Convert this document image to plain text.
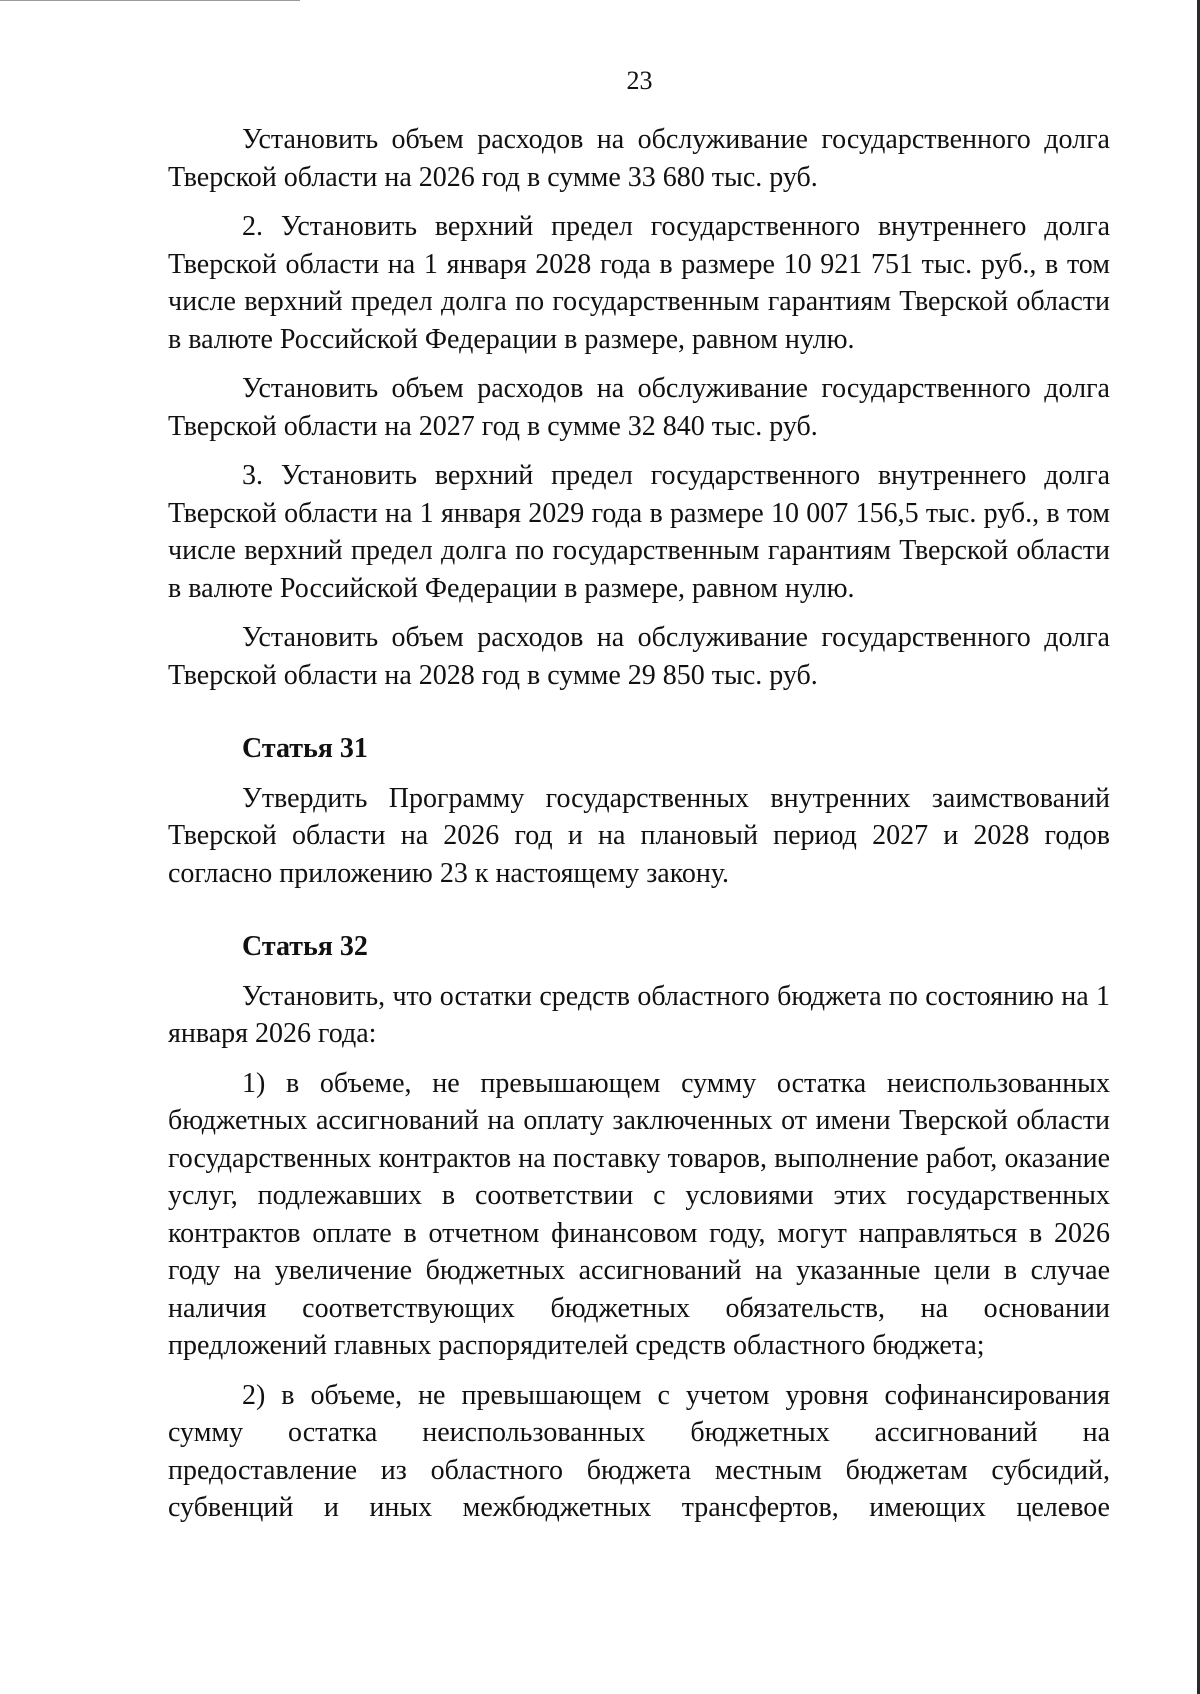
23

Установить объем расходов на обслуживание государственного долга Тверской области на 2026 год в сумме 33 680 тыс. руб.

2. Установить верхний предел государственного внутреннего долга Тверской области на 1 января 2028 года в размере 10 921 751 тыс. руб., в том числе верхний предел долга по государственным гарантиям Тверской области в валюте Российской Федерации в размере, равном нулю.

Установить объем расходов на обслуживание государственного долга Тверской области на 2027 год в сумме 32 840 тыс. руб.

3. Установить верхний предел государственного внутреннего долга Тверской области на 1 января 2029 года в размере 10 007 156,5 тыс. руб., в том числе верхний предел долга по государственным гарантиям Тверской области в валюте Российской Федерации в размере, равном нулю.

Установить объем расходов на обслуживание государственного долга Тверской области на 2028 год в сумме 29 850 тыс. руб.

Статья 31

Утвердить Программу государственных внутренних заимствований Тверской области на 2026 год и на плановый период 2027 и 2028 годов согласно приложению 23 к настоящему закону.

Статья 32

Установить, что остатки средств областного бюджета по состоянию на 1 января 2026 года:

1) в объеме, не превышающем сумму остатка неиспользованных бюджетных ассигнований на оплату заключенных от имени Тверской области государственных контрактов на поставку товаров, выполнение работ, оказание услуг, подлежавших в соответствии с условиями этих государственных контрактов оплате в отчетном финансовом году, могут направляться в 2026 году на увеличение бюджетных ассигнований на указанные цели в случае наличия соответствующих бюджетных обязательств, на основании предложений главных распорядителей средств областного бюджета;

2) в объеме, не превышающем с учетом уровня софинансирования сумму остатка неиспользованных бюджетных ассигнований на предоставление из областного бюджета местным бюджетам субсидий, субвенций и иных межбюджетных трансфертов, имеющих целевое
